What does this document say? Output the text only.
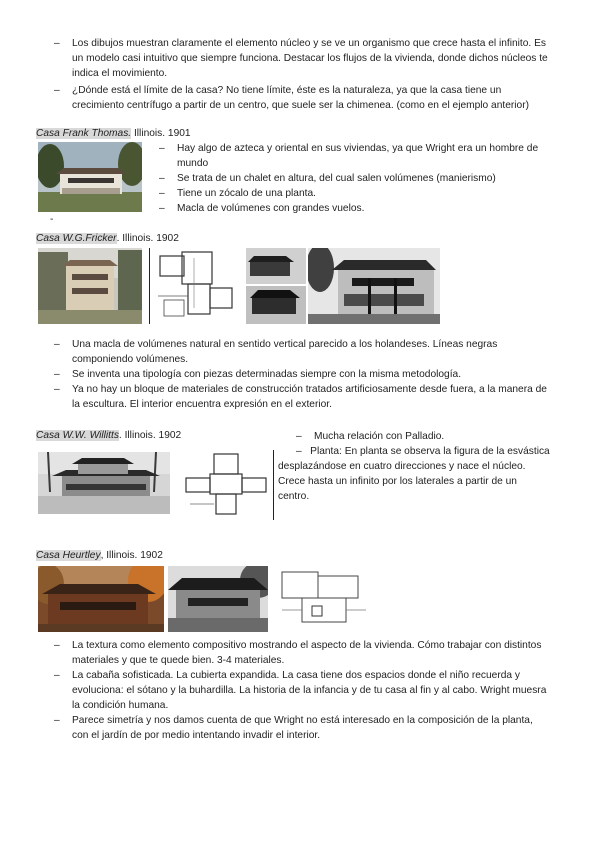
– Los dibujos muestran claramente el elemento núcleo y se ve un organismo que crece hasta el infinito. Es un modelo casi intuitivo que siempre funciona. Destacar los flujos de la vivienda, donde dichos núcleos te indica el movimiento.
– ¿Dónde está el límite de la casa? No tiene límite, éste es la naturaleza, ya que la casa tiene un crecimiento centrífugo a partir de un centro, que suele ser la chimenea. (como en el ejemplo anterior)
Casa Frank Thomas. Illinois. 1901
– Hay algo de azteca y oriental en sus viviendas, ya que Wright era un hombre de mundo
– Se trata de un chalet en altura, del cual salen volúmenes (manierismo)
– Tiene un zócalo de una planta.
– Macla de volúmenes con grandes vuelos.
-
Casa W.G.Fricker. Illinois. 1902
– Una macla de volúmenes natural en sentido vertical parecido a los holandeses. Líneas negras componiendo volúmenes.
– Se inventa una tipología con piezas determinadas siempre con la misma metodología.
– Ya no hay un bloque de materiales de construcción tratados artificiosamente desde fuera, a la manera de la escultura. El interior encuentra expresión en el exterior.
Casa W.W. Willitts. Illinois. 1902	– Mucha relación con Palladio.
–   Planta: En planta se observa la figura de la esvástica desplazándose en cuatro direcciones y nace el núcleo. Crece hasta un infinito por los laterales a partir de un centro.
Casa Heurtley, Illinois. 1902
– La textura como elemento compositivo mostrando el aspecto de la vivienda. Cómo trabajar con distintos materiales y que te quede bien. 3-4 materiales.
– La cabaña sofisticada. La cubierta expandida. La casa tiene dos espacios donde el niño recuerda y evoluciona: el sótano y la buhardilla. La historia de la infancia y de tu casa al fin y al cabo. Wright muesra la condición humana.
– Parece simetría y nos damos cuenta de que Wright no está interesado en la composición de la planta, con el jardín de por medio intentando invadir el interior.
